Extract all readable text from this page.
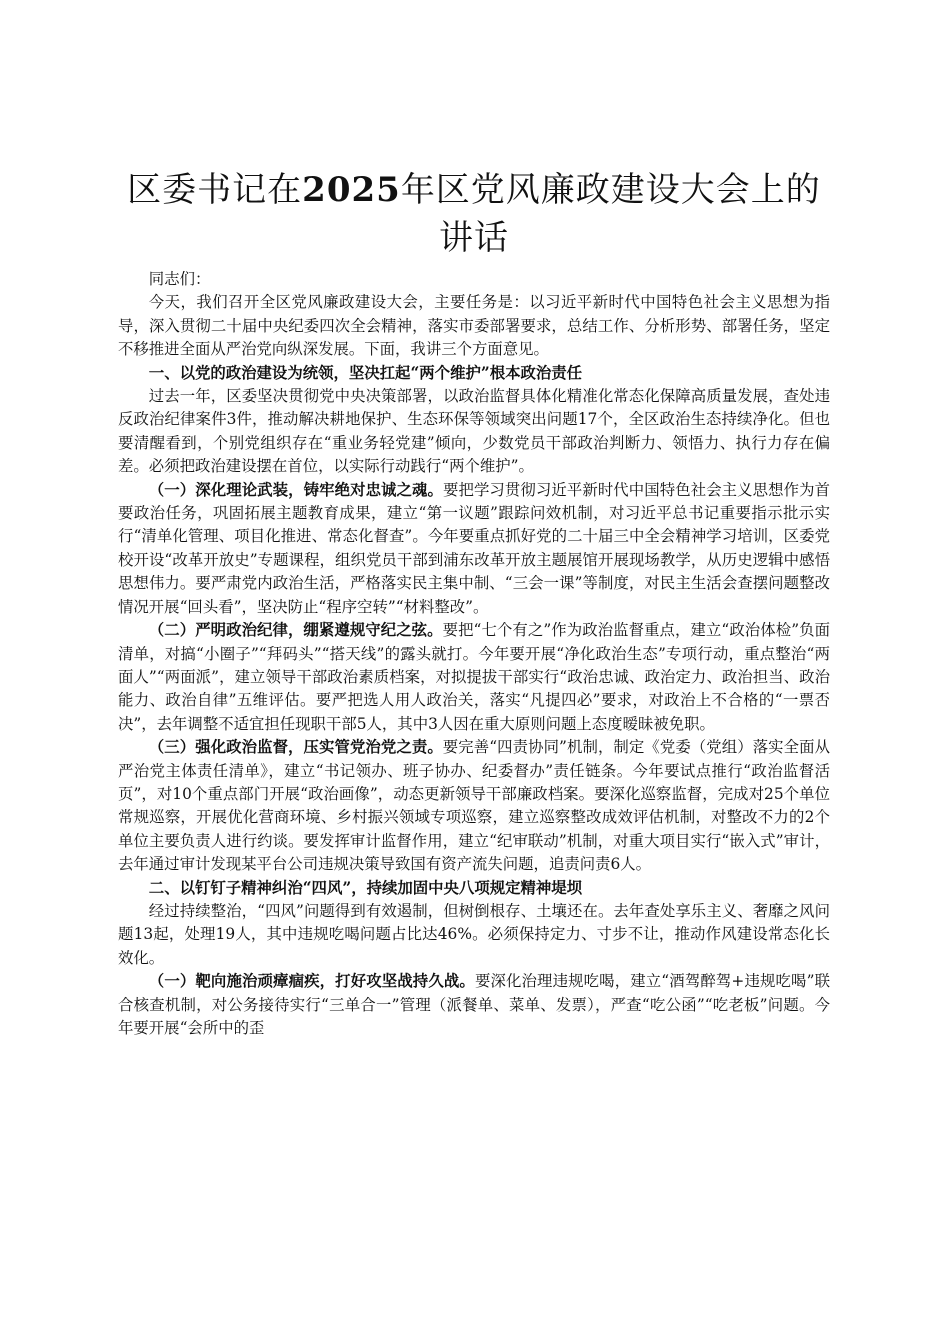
区委书记在2025年区党风廉政建设大会上的讲话

同志们：

今天，我们召开全区党风廉政建设大会，主要任务是：以习近平新时代中国特色社会主义思想为指导，深入贯彻二十届中央纪委四次全会精神，落实市委部署要求，总结工作、分析形势、部署任务，坚定不移推进全面从严治党向纵深发展。下面，我讲三个方面意见。

一、以党的政治建设为统领，坚决扛起“两个维护”根本政治责任

过去一年，区委坚决贯彻党中央决策部署，以政治监督具体化精准化常态化保障高质量发展，查处违反政治纪律案件3件，推动解决耕地保护、生态环保等领域突出问题17个，全区政治生态持续净化。但也要清醒看到，个别党组织存在“重业务轻党建”倾向，少数党员干部政治判断力、领悟力、执行力存在偏差。必须把政治建设摆在首位，以实际行动践行“两个维护”。

（一）深化理论武装，铸牢绝对忠诚之魂。要把学习贯彻习近平新时代中国特色社会主义思想作为首要政治任务，巩固拓展主题教育成果，建立“第一议题”跟踪问效机制，对习近平总书记重要指示批示实行“清单化管理、项目化推进、常态化督查”。今年要重点抓好党的二十届三中全会精神学习培训，区委党校开设“改革开放史”专题课程，组织党员干部到浦东改革开放主题展馆开展现场教学，从历史逻辑中感悟思想伟力。要严肃党内政治生活，严格落实民主集中制、“三会一课”等制度，对民主生活会查摆问题整改情况开展“回头看”，坚决防止“程序空转”“材料整改”。

（二）严明政治纪律，绷紧遵规守纪之弦。要把“七个有之”作为政治监督重点，建立“政治体检”负面清单，对搞“小圈子”“拜码头”“搭天线”的露头就打。今年要开展“净化政治生态”专项行动，重点整治“两面人”“两面派”，建立领导干部政治素质档案，对拟提拔干部实行“政治忠诚、政治定力、政治担当、政治能力、政治自律”五维评估。要严把选人用人政治关，落实“凡提四必”要求，对政治上不合格的“一票否决”，去年调整不适宜担任现职干部5人，其中3人因在重大原则问题上态度暧昧被免职。

（三）强化政治监督，压实管党治党之责。要完善“四责协同”机制，制定《党委（党组）落实全面从严治党主体责任清单》，建立“书记领办、班子协办、纪委督办”责任链条。今年要试点推行“政治监督活页”，对10个重点部门开展“政治画像”，动态更新领导干部廉政档案。要深化巡察监督，完成对25个单位常规巡察，开展优化营商环境、乡村振兴领域专项巡察，建立巡察整改成效评估机制，对整改不力的2个单位主要负责人进行约谈。要发挥审计监督作用，建立“纪审联动”机制，对重大项目实行“嵌入式”审计，去年通过审计发现某平台公司违规决策导致国有资产流失问题，追责问责6人。

二、以钉钉子精神纠治“四风”，持续加固中央八项规定精神堤坝

经过持续整治，“四风”问题得到有效遏制，但树倒根存、土壤还在。去年查处享乐主义、奢靡之风问题13起，处理19人，其中违规吃喝问题占比达46%。必须保持定力、寸步不让，推动作风建设常态化长效化。

（一）靶向施治顽瘴痼疾，打好攻坚战持久战。要深化治理违规吃喝，建立“酒驾醉驾+违规吃喝”联合核查机制，对公务接待实行“三单合一”管理（派餐单、菜单、发票），严查“吃公函”“吃老板”问题。今年要开展“会所中的歪
